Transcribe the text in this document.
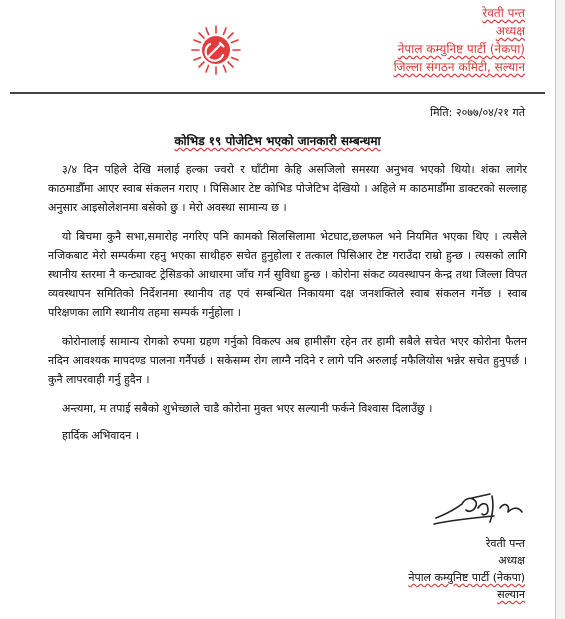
रेवती पन्त
अध्यक्ष
नेपाल कम्युनिष्ट पार्टी (नेकपा)
जिल्ला संगठन कमिटी, सल्यान
मिति: २०७७/०४/२१ गते
कोभिड १९ पोजेटिभ भएको जानकारी सम्बन्धमा

३/४ दिन पहिले देखि मलाई हल्का ज्वरो र घाँटीमा केहि असजिलो समस्या अनुभव भएको थियो। शंका लागेर काठमाडौँमा आएर स्वाब संकलन गराए । पिसिआर टेष्ट कोभिड पोजेटिभ देखियो । अहिले म काठमाडौँमा डाक्टरको सल्लाह अनुसार आइसोलेशनमा बसेको छु । मेरो अवस्था सामान्य छ ।

यो बिचमा कुनै सभा,समारोह नगरिए पनि कामको सिलसिलामा भेटघाट,छलफल भने नियमित भएका थिए । त्यसैले नजिकबाट मेरो सम्पर्कमा रहनु भएका साथीहरु सचेत हुनुहोला र तत्काल पिसिआर टेष्ट गराउँदा राम्रो हुन्छ । त्यसको लागि स्थानीय स्तरमा नै कन्ट्याक्ट ट्रेसिङको आधारमा जाँच गर्न सुविधा हुन्छ । कोरोना संकट व्यवस्थापन केन्द्र तथा जिल्ला विपत व्यवस्थापन समितिको निर्देशनमा स्थानीय तह एवं सम्बन्धित निकायमा दक्ष जनशक्तिले स्वाब संकलन गर्नेछ । स्वाब परिक्षणका लागि स्थानीय तहमा सम्पर्क गर्नुहोला ।

कोरोनालाई सामान्य रोगको रुपमा ग्रहण गर्नुको विकल्प अब हामीसँग रहेन तर हामी सबैले सचेत भएर कोरोना फैलन नदिन आवश्यक मापदण्ड पालना गर्नैपर्छ । सकेसम्म रोग लाग्नै नदिने र लागे पनि अरुलाई नफैलियोस भन्नेर सचेत हुनुपर्छ । कुनै लापरवाही गर्नु हुदैन ।

अन्त्यमा, म तपाई सबैको शुभेच्छाले चाडै कोरोना मुक्त भएर सल्यानी फर्कने विश्वास दिलाउँछु ।

हार्दिक अभिवादन ।

रेवती पन्त
अध्यक्ष
नेपाल कम्युनिष्ट पार्टी (नेकपा)
सल्यान
